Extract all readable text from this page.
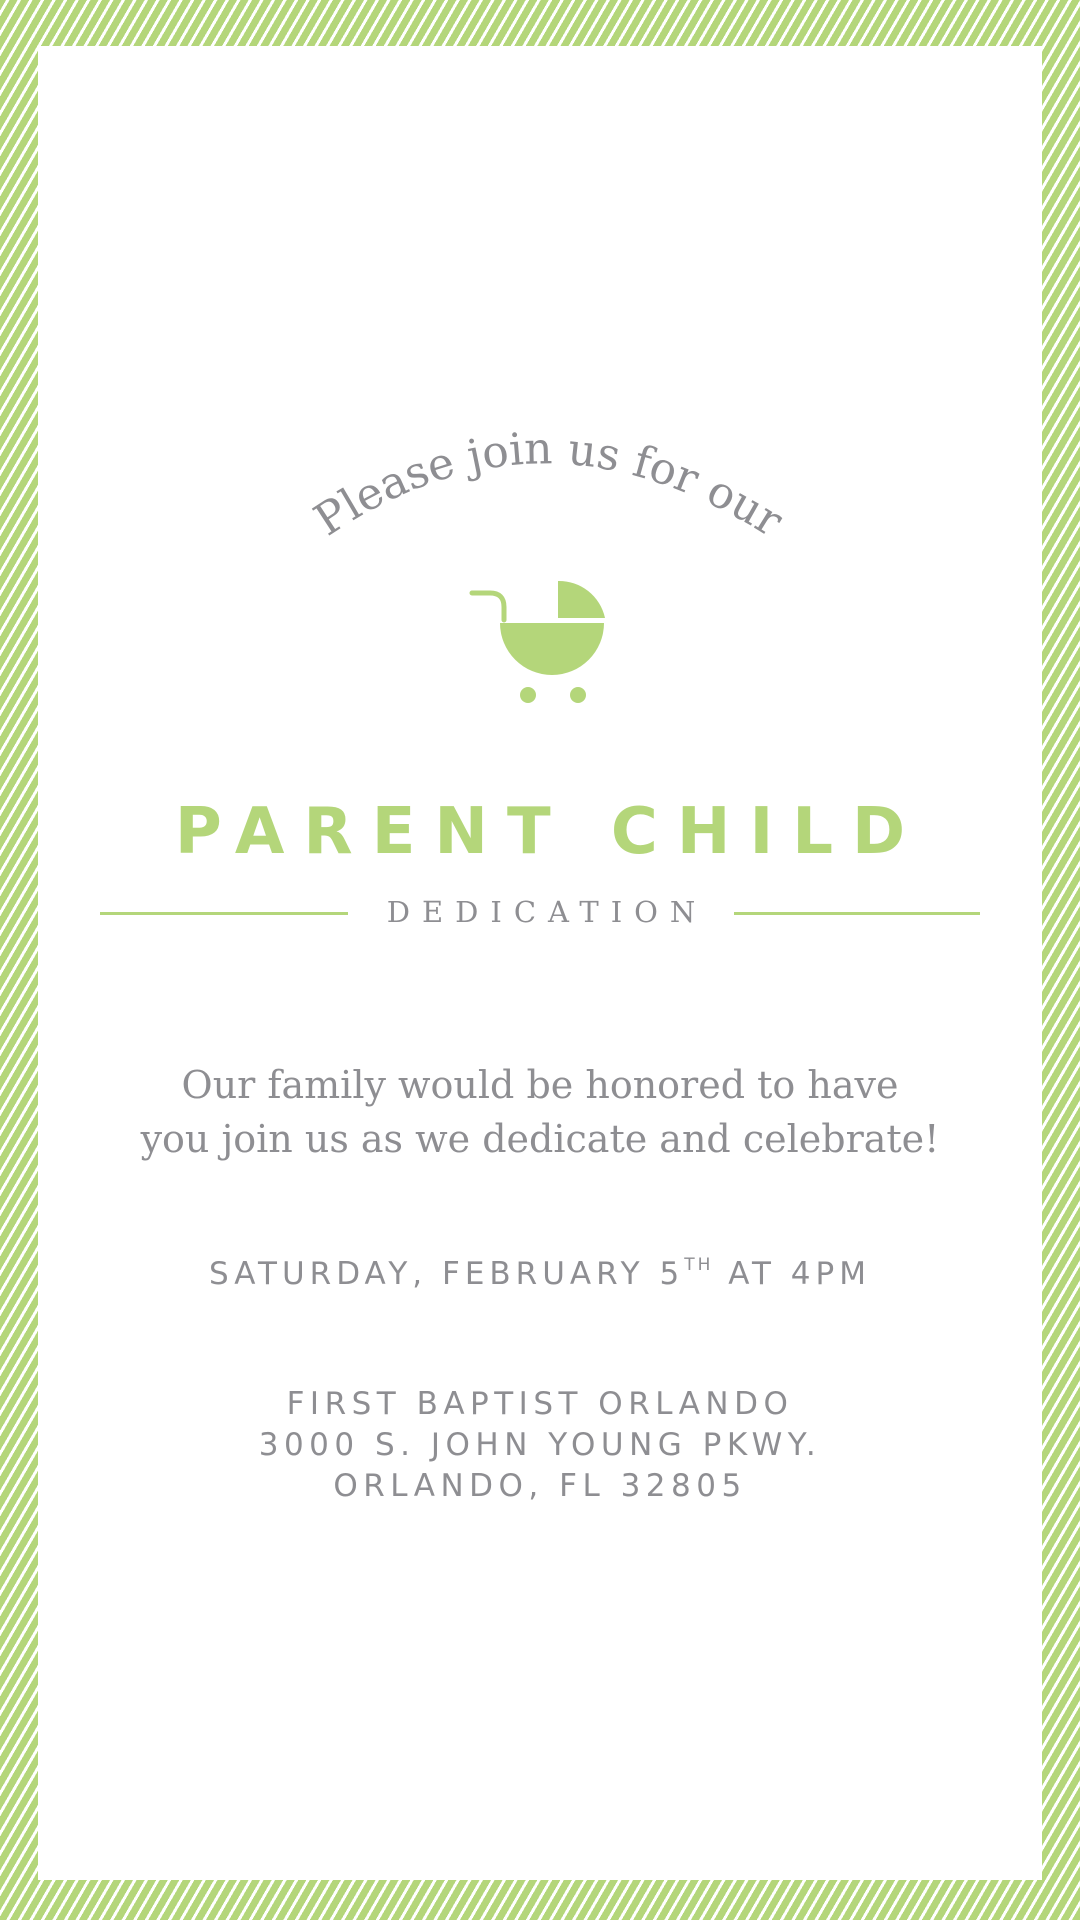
Please join us for our
PARENT CHILD
DEDICATION
Our family would be honored to have
you join us as we dedicate and celebrate!
SATURDAY, FEBRUARY 5TH AT 4PM
FIRST BAPTIST ORLANDO
3000 S. JOHN YOUNG PKWY.
ORLANDO, FL 32805
